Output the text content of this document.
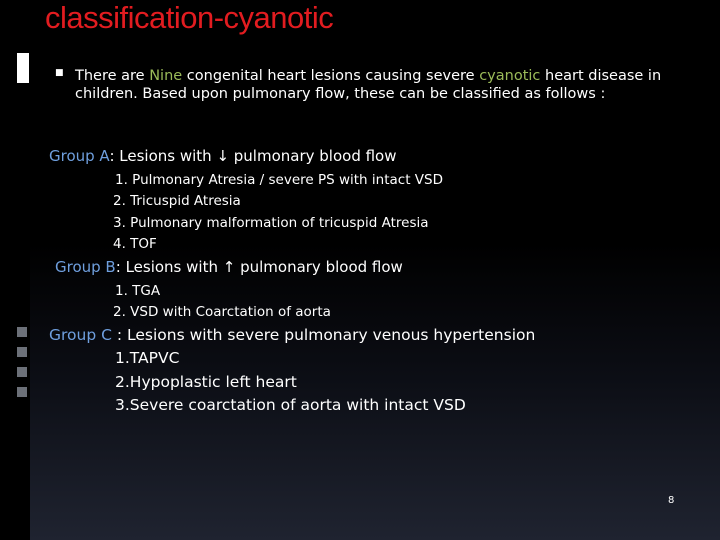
classification-cyanotic
■ There are Nine congenital heart lesions causing severe cyanotic heart disease in children. Based upon pulmonary flow, these can be classified as follows :
Group A: Lesions with ↓ pulmonary blood flow
1. Pulmonary Atresia / severe PS with intact VSD
2. Tricuspid Atresia
3. Pulmonary malformation of tricuspid Atresia
4. TOF
Group B: Lesions with ↑ pulmonary blood flow
1. TGA
2. VSD with Coarctation of aorta
Group C : Lesions with severe pulmonary venous hypertension
1.TAPVC
2.Hypoplastic left heart
3.Severe coarctation of aorta with intact VSD
8
